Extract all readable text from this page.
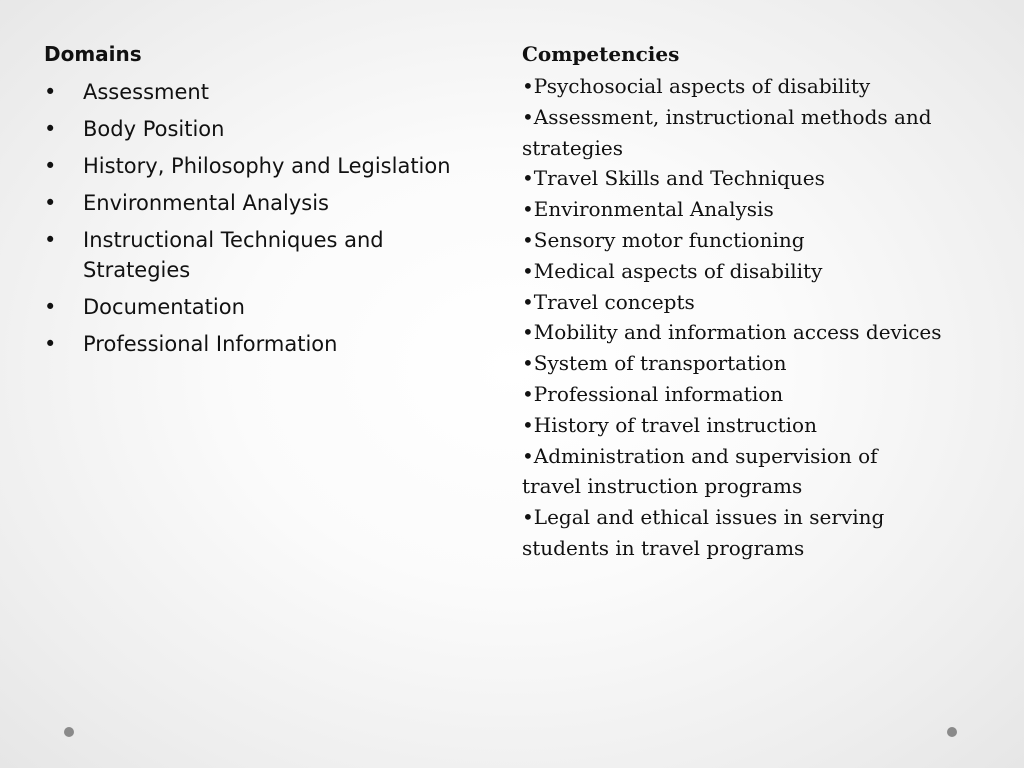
Domains
•	Assessment
•	Body Position
•	History, Philosophy and Legislation
•	Environmental Analysis
•	Instructional Techniques and Strategies
•	Documentation
•	Professional Information
Competencies
•Psychosocial aspects of disability
•Assessment, instructional methods and strategies
•Travel Skills and Techniques
•Environmental Analysis
•Sensory motor functioning
•Medical aspects of disability
•Travel concepts
•Mobility and information access devices
•System of transportation
•Professional information
•History of travel instruction
•Administration and supervision of travel instruction programs
•Legal and ethical issues in serving students in travel programs
